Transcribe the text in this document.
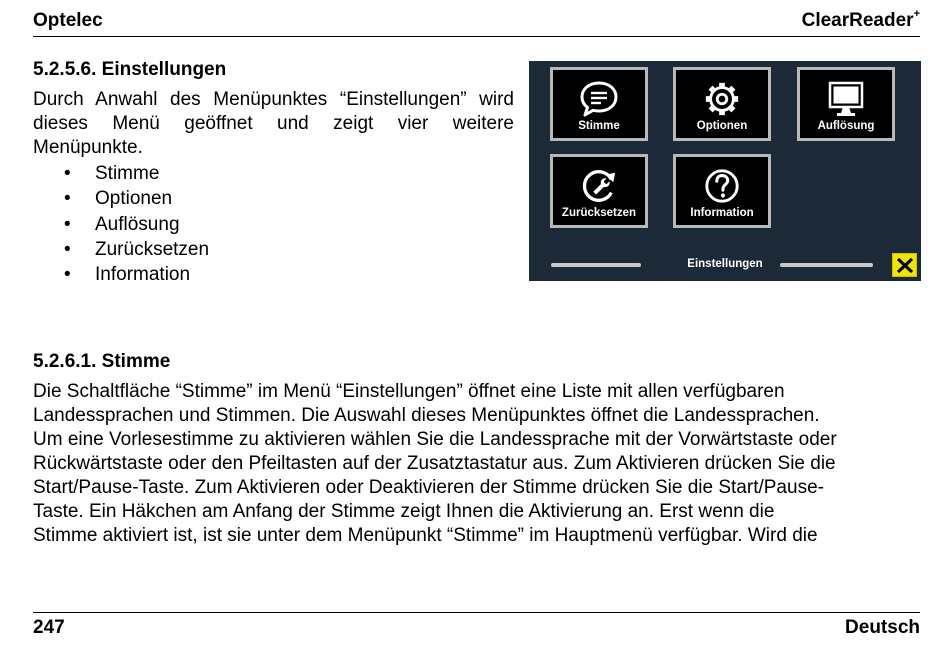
Optelec	ClearReader+
5.2.5.6. Einstellungen

Durch Anwahl des Menüpunktes “Einstellungen” wird dieses Menü geöffnet und zeigt vier weitere Menüpunkte.

• Stimme
• Optionen
• Auflösung
• Zurücksetzen
• Information
Stimme	Optionen	Auflösung
Zurücksetzen	Information
Einstellungen
5.2.6.1. Stimme
Die Schaltfläche “Stimme” im Menü “Einstellungen” öffnet eine Liste mit allen verfügbaren
Landessprachen und Stimmen. Die Auswahl dieses Menüpunktes öffnet die Landessprachen.
Um eine Vorlesestimme zu aktivieren wählen Sie die Landessprache mit der Vorwärtstaste oder
Rückwärtstaste oder den Pfeiltasten auf der Zusatztastatur aus. Zum Aktivieren drücken Sie die
Start/Pause-Taste. Zum Aktivieren oder Deaktivieren der Stimme drücken Sie die Start/Pause-
Taste. Ein Häkchen am Anfang der Stimme zeigt Ihnen die Aktivierung an. Erst wenn die
Stimme aktiviert ist, ist sie unter dem Menüpunkt “Stimme” im Hauptmenü verfügbar. Wird die
247	Deutsch
